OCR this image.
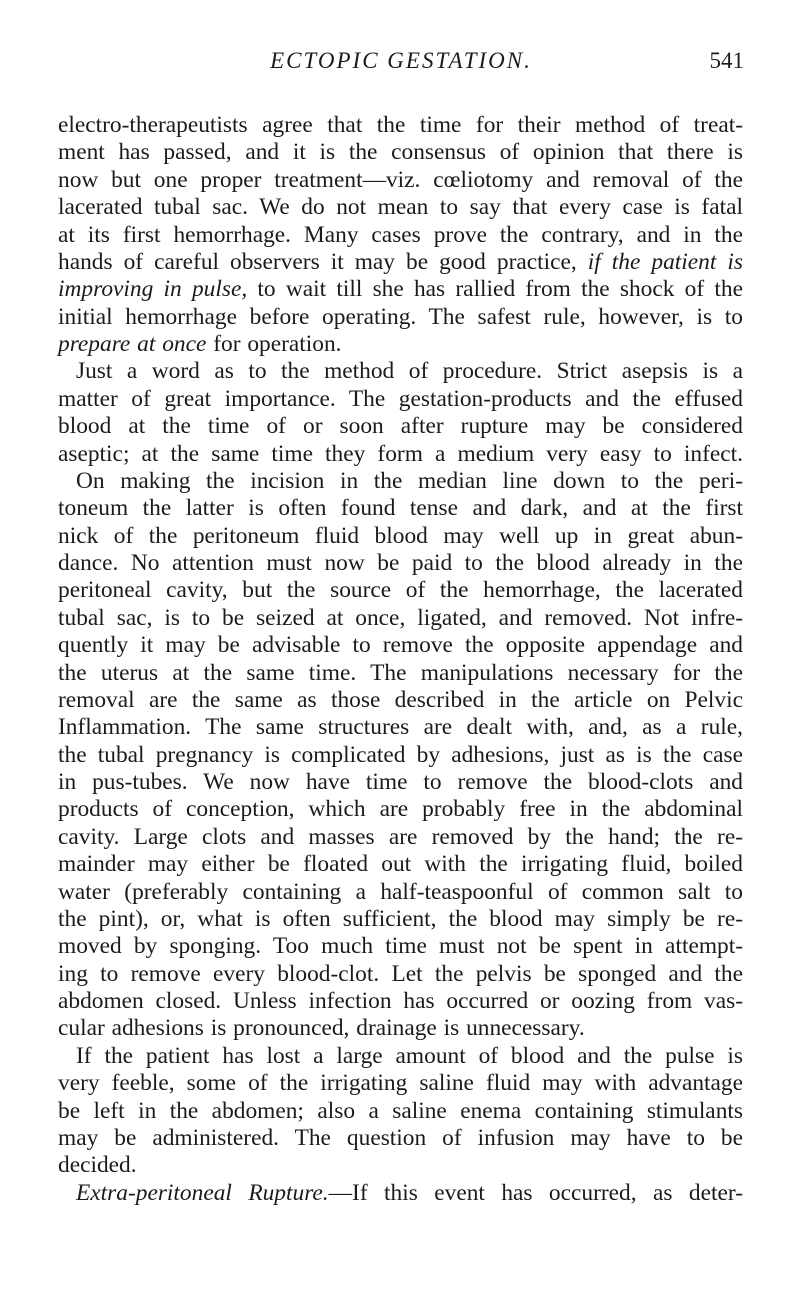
ECTOPIC GESTATION.	541
electro-therapeutists agree that the time for their method of treat-
ment has passed, and it is the consensus of opinion that there is
now but one proper treatment—viz. cœliotomy and removal of the
lacerated tubal sac. We do not mean to say that every case is fatal
at its first hemorrhage. Many cases prove the contrary, and in the
hands of careful observers it may be good practice, if the patient is
improving in pulse, to wait till she has rallied from the shock of the
initial hemorrhage before operating. The safest rule, however, is to
prepare at once for operation.
Just a word as to the method of procedure. Strict asepsis is a
matter of great importance. The gestation-products and the effused
blood at the time of or soon after rupture may be considered
aseptic; at the same time they form a medium very easy to infect.
On making the incision in the median line down to the peri-
toneum the latter is often found tense and dark, and at the first
nick of the peritoneum fluid blood may well up in great abun-
dance. No attention must now be paid to the blood already in the
peritoneal cavity, but the source of the hemorrhage, the lacerated
tubal sac, is to be seized at once, ligated, and removed. Not infre-
quently it may be advisable to remove the opposite appendage and
the uterus at the same time. The manipulations necessary for the
removal are the same as those described in the article on Pelvic
Inflammation. The same structures are dealt with, and, as a rule,
the tubal pregnancy is complicated by adhesions, just as is the case
in pus-tubes. We now have time to remove the blood-clots and
products of conception, which are probably free in the abdominal
cavity. Large clots and masses are removed by the hand; the re-
mainder may either be floated out with the irrigating fluid, boiled
water (preferably containing a half-teaspoonful of common salt to
the pint), or, what is often sufficient, the blood may simply be re-
moved by sponging. Too much time must not be spent in attempt-
ing to remove every blood-clot. Let the pelvis be sponged and the
abdomen closed. Unless infection has occurred or oozing from vas-
cular adhesions is pronounced, drainage is unnecessary.
If the patient has lost a large amount of blood and the pulse is
very feeble, some of the irrigating saline fluid may with advantage
be left in the abdomen; also a saline enema containing stimulants
may be administered. The question of infusion may have to be
decided.
Extra-peritoneal Rupture.—If this event has occurred, as deter-
